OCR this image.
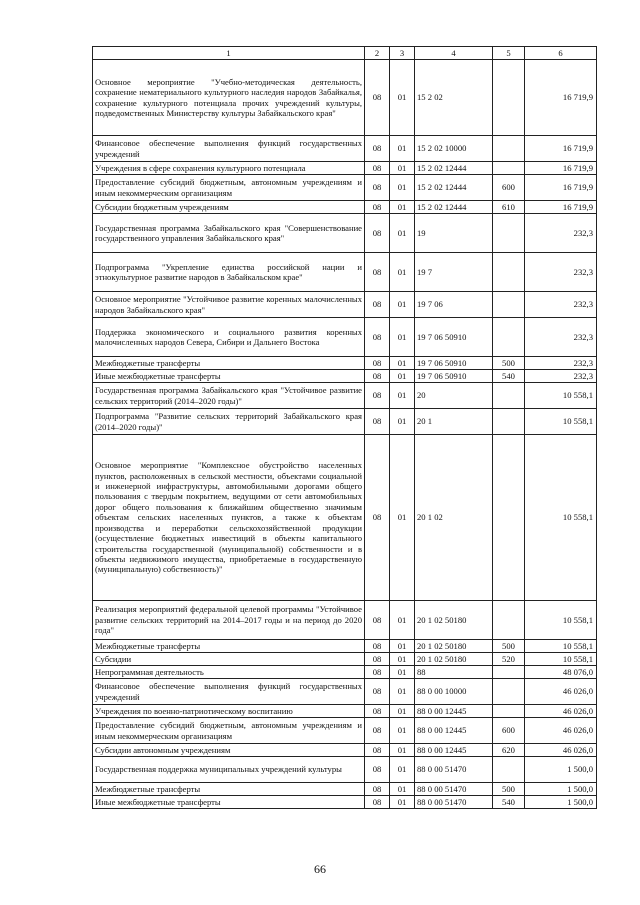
1	2	3	4	5	6
Основное мероприятие "Учебно-методическая деятельность, сохранение нематериального культурного наследия народов Забайкалья, сохранение культурного потенциала прочих учреждений культуры, подведомственных Министерству культуры Забайкальского края"	08	01	15 2 02		16 719,9
Финансовое обеспечение выполнения функций государственных учреждений	08	01	15 2 02 10000		16 719,9
Учреждения в сфере сохранения культурного потенциала	08	01	15 2 02 12444		16 719,9
Предоставление субсидий бюджетным, автономным учреждениям и иным некоммерческим организациям	08	01	15 2 02 12444	600	16 719,9
Субсидии бюджетным учреждениям	08	01	15 2 02 12444	610	16 719,9
Государственная программа Забайкальского края "Совершенствование государственного управления Забайкальского края"	08	01	19		232,3
Подпрограмма "Укрепление единства российской нации и этнокультурное развитие народов в Забайкальском крае"	08	01	19 7		232,3
Основное мероприятие "Устойчивое развитие коренных малочисленных народов Забайкальского края"	08	01	19 7 06		232,3
Поддержка экономического и социального развития коренных малочисленных народов Севера, Сибири и Дальнего Востока	08	01	19 7 06 50910		232,3
Межбюджетные трансферты	08	01	19 7 06 50910	500	232,3
Иные межбюджетные трансферты	08	01	19 7 06 50910	540	232,3
Государственная программа Забайкальского края "Устойчивое развитие сельских территорий (2014–2020 годы)"	08	01	20		10 558,1
Подпрограмма "Развитие сельских территорий Забайкальского края (2014–2020 годы)"	08	01	20 1		10 558,1
Основное мероприятие "Комплексное обустройство населенных пунктов, расположенных в сельской местности, объектами социальной и инженерной инфраструктуры, автомобильными дорогами общего пользования с твердым покрытием, ведущими от сети автомобильных дорог общего пользования к ближайшим общественно значимым объектам сельских населенных пунктов, а также к объектам производства и переработки сельскохозяйственной продукции (осуществление бюджетных инвестиций в объекты капитального строительства государственной (муниципальной) собственности и в объекты недвижимого имущества, приобретаемые в государственную (муниципальную) собственность)"	08	01	20 1 02		10 558,1
Реализация мероприятий федеральной целевой программы "Устойчивое развитие сельских территорий на 2014–2017 годы и на период до 2020 года"	08	01	20 1 02 50180		10 558,1
Межбюджетные трансферты	08	01	20 1 02 50180	500	10 558,1
Субсидии	08	01	20 1 02 50180	520	10 558,1
Непрограммная деятельность	08	01	88		48 076,0
Финансовое обеспечение выполнения функций государственных учреждений	08	01	88 0 00 10000		46 026,0
Учреждения по военно-патриотическому воспитанию	08	01	88 0 00 12445		46 026,0
Предоставление субсидий бюджетным, автономным учреждениям и иным некоммерческим организациям	08	01	88 0 00 12445	600	46 026,0
Субсидии автономным учреждениям	08	01	88 0 00 12445	620	46 026,0
Государственная поддержка муниципальных учреждений культуры	08	01	88 0 00 51470		1 500,0
Межбюджетные трансферты	08	01	88 0 00 51470	500	1 500,0
Иные межбюджетные трансферты	08	01	88 0 00 51470	540	1 500,0
66
